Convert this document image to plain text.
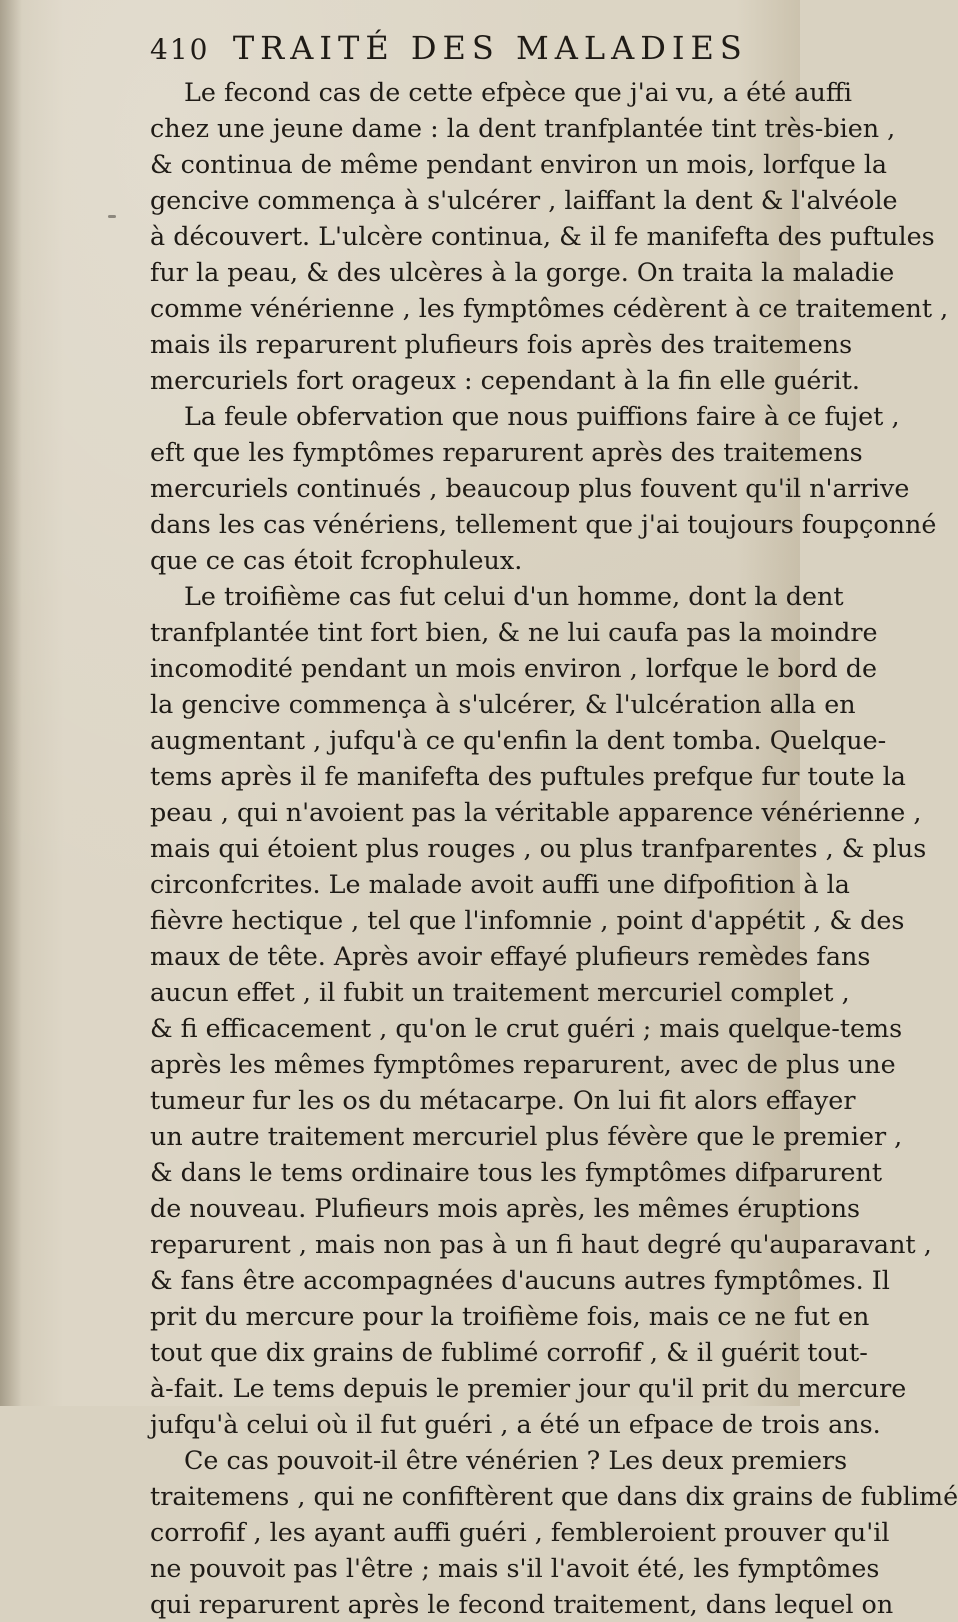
410 TRAITÉ DES MALADIES
Le fecond cas de cette efpèce que j'ai vu, a été auffi
chez une jeune dame : la dent tranfplantée tint très-bien ,
& continua de même pendant environ un mois, lorfque la
gencive commença à s'ulcérer , laiffant la dent & l'alvéole
à découvert. L'ulcère continua, & il fe manifefta des puftules
fur la peau, & des ulcères à la gorge. On traita la maladie
comme vénérienne , les fymptômes cédèrent à ce traitement ,
mais ils reparurent plufieurs fois après des traitemens
mercuriels fort orageux : cependant à la fin elle guérit.
La feule obfervation que nous puiffions faire à ce fujet ,
eft que les fymptômes reparurent après des traitemens
mercuriels continués , beaucoup plus fouvent qu'il n'arrive
dans les cas vénériens, tellement que j'ai toujours foupçonné
que ce cas étoit fcrophuleux.
Le troifième cas fut celui d'un homme, dont la dent
tranfplantée tint fort bien, & ne lui caufa pas la moindre
incomodité pendant un mois environ , lorfque le bord de
la gencive commença à s'ulcérer, & l'ulcération alla en
augmentant , jufqu'à ce qu'enfin la dent tomba. Quelque-
tems après il fe manifefta des puftules prefque fur toute la
peau , qui n'avoient pas la véritable apparence vénérienne ,
mais qui étoient plus rouges , ou plus tranfparentes , & plus
circonfcrites. Le malade avoit auffi une difpofition à la
fièvre hectique , tel que l'infomnie , point d'appétit , & des
maux de tête. Après avoir effayé plufieurs remèdes fans
aucun effet , il fubit un traitement mercuriel complet ,
& fi efficacement , qu'on le crut guéri ; mais quelque-tems
après les mêmes fymptômes reparurent, avec de plus une
tumeur fur les os du métacarpe. On lui fit alors effayer
un autre traitement mercuriel plus févère que le premier ,
& dans le tems ordinaire tous les fymptômes difparurent
de nouveau. Plufieurs mois après, les mêmes éruptions
reparurent , mais non pas à un fi haut degré qu'auparavant ,
& fans être accompagnées d'aucuns autres fymptômes. Il
prit du mercure pour la troifième fois, mais ce ne fut en
tout que dix grains de fublimé corrofif , & il guérit tout-
à-fait. Le tems depuis le premier jour qu'il prit du mercure
jufqu'à celui où il fut guéri , a été un efpace de trois ans.
Ce cas pouvoit-il être vénérien ? Les deux premiers
traitemens , qui ne confiftèrent que dans dix grains de fublimé
corrofif , les ayant auffi guéri , fembleroient prouver qu'il
ne pouvoit pas l'être ; mais s'il l'avoit été, les fymptômes
qui reparurent après le fecond traitement, dans lequel on
